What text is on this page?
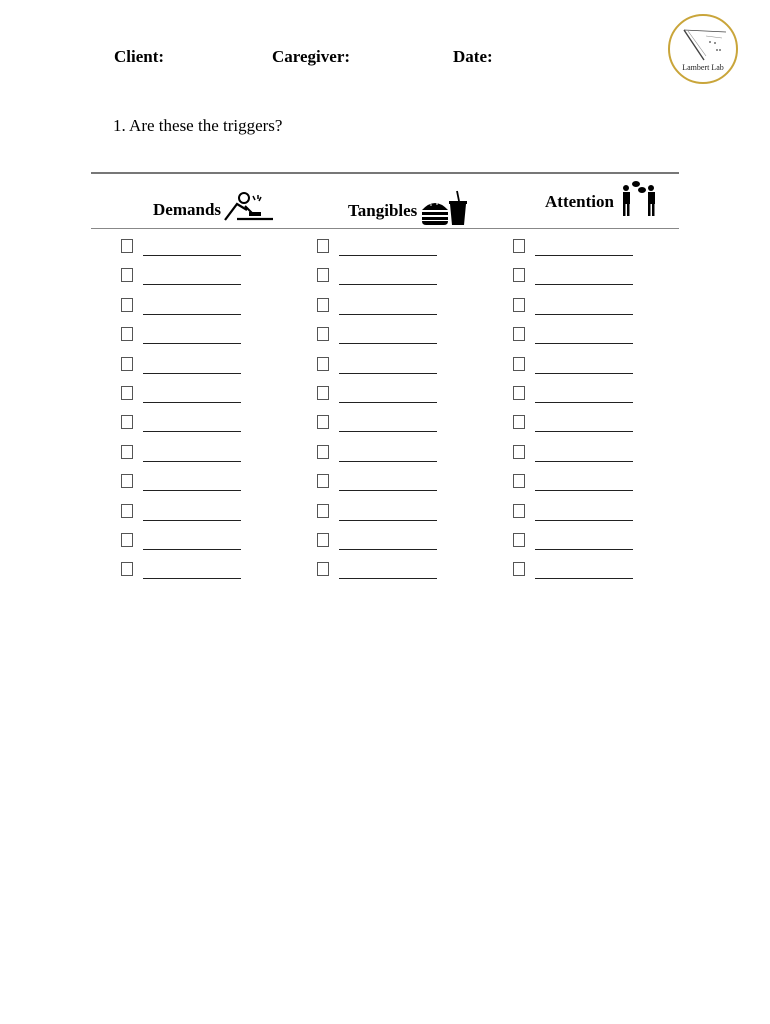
Client:	Caregiver:	Date:
Lambert Lab
1. Are these the triggers?
Demands	Tangibles	Attention
